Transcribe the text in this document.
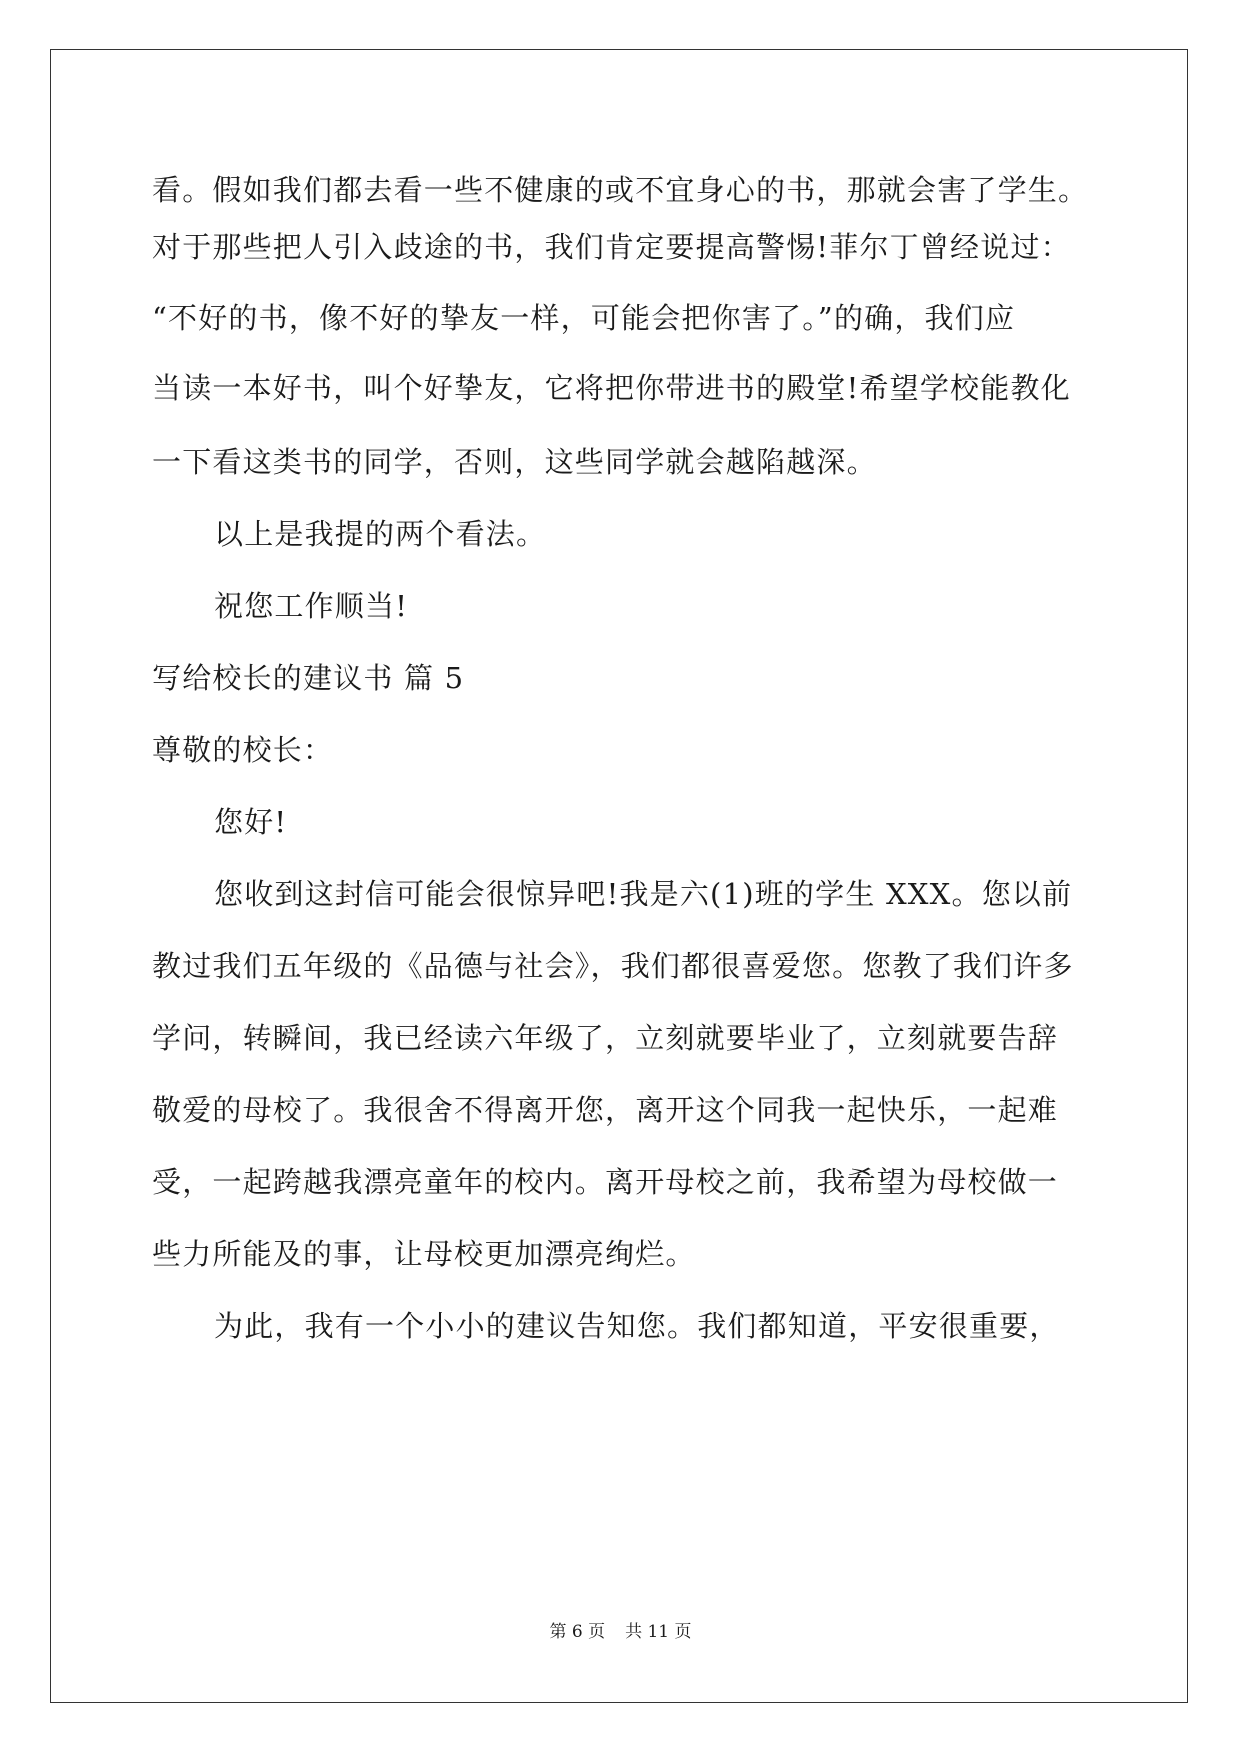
看。假如我们都去看一些不健康的或不宜身心的书，那就会害了学生。
对于那些把人引入歧途的书，我们肯定要提高警惕!菲尔丁曾经说过：
“不好的书，像不好的挚友一样，可能会把你害了。”的确，我们应
当读一本好书，叫个好挚友，它将把你带进书的殿堂!希望学校能教化
一下看这类书的同学，否则，这些同学就会越陷越深。
以上是我提的两个看法。
祝您工作顺当!
写给校长的建议书 篇 5
尊敬的校长：
您好!
您收到这封信可能会很惊异吧!我是六(1)班的学生 XXX。您以前
教过我们五年级的《品德与社会》，我们都很喜爱您。您教了我们许多
学问，转瞬间，我已经读六年级了，立刻就要毕业了，立刻就要告辞
敬爱的母校了。我很舍不得离开您，离开这个同我一起快乐，一起难
受，一起跨越我漂亮童年的校内。离开母校之前，我希望为母校做一
些力所能及的事，让母校更加漂亮绚烂。
为此，我有一个小小的建议告知您。我们都知道，平安很重要，
第 6 页 共 11 页
